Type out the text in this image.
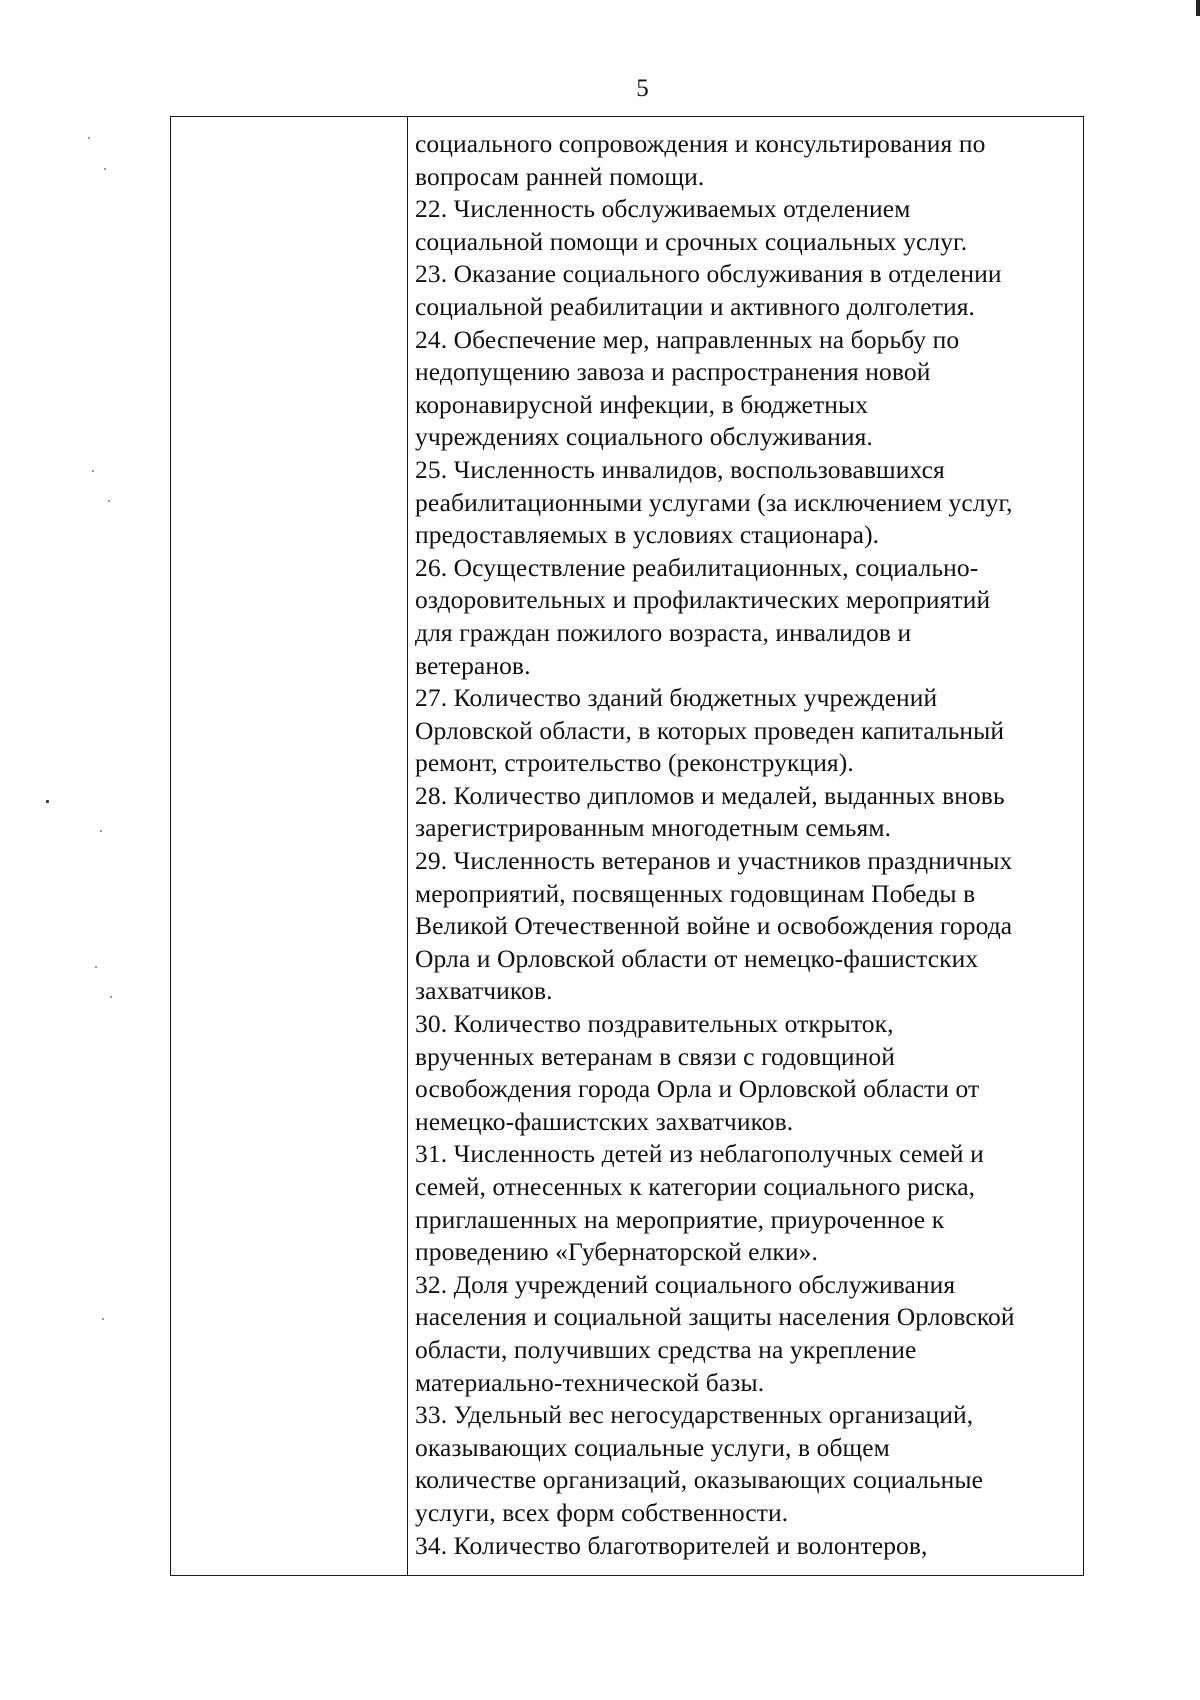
5
социального сопровождения и консультирования по
вопросам ранней помощи.
22. Численность обслуживаемых отделением
социальной помощи и срочных социальных услуг.
23. Оказание социального обслуживания в отделении
социальной реабилитации и активного долголетия.
24. Обеспечение мер, направленных на борьбу по
недопущению завоза и распространения новой
коронавирусной инфекции, в бюджетных
учреждениях социального обслуживания.
25. Численность инвалидов, воспользовавшихся
реабилитационными услугами (за исключением услуг,
предоставляемых в условиях стационара).
26. Осуществление реабилитационных, социально-
оздоровительных и профилактических мероприятий
для граждан пожилого возраста, инвалидов и
ветеранов.
27. Количество зданий бюджетных учреждений
Орловской области, в которых проведен капитальный
ремонт, строительство (реконструкция).
28. Количество дипломов и медалей, выданных вновь
зарегистрированным многодетным семьям.
29. Численность ветеранов и участников праздничных
мероприятий, посвященных годовщинам Победы в
Великой Отечественной войне и освобождения города
Орла и Орловской области от немецко-фашистских
захватчиков.
30. Количество поздравительных открыток,
врученных ветеранам в связи с годовщиной
освобождения города Орла и Орловской области от
немецко-фашистских захватчиков.
31. Численность детей из неблагополучных семей и
семей, отнесенных к категории социального риска,
приглашенных на мероприятие, приуроченное к
проведению «Губернаторской елки».
32. Доля учреждений социального обслуживания
населения и социальной защиты населения Орловской
области, получивших средства на укрепление
материально-технической базы.
33. Удельный вес негосударственных организаций,
оказывающих социальные услуги, в общем
количестве организаций, оказывающих социальные
услуги, всех форм собственности.
34. Количество благотворителей и волонтеров,
